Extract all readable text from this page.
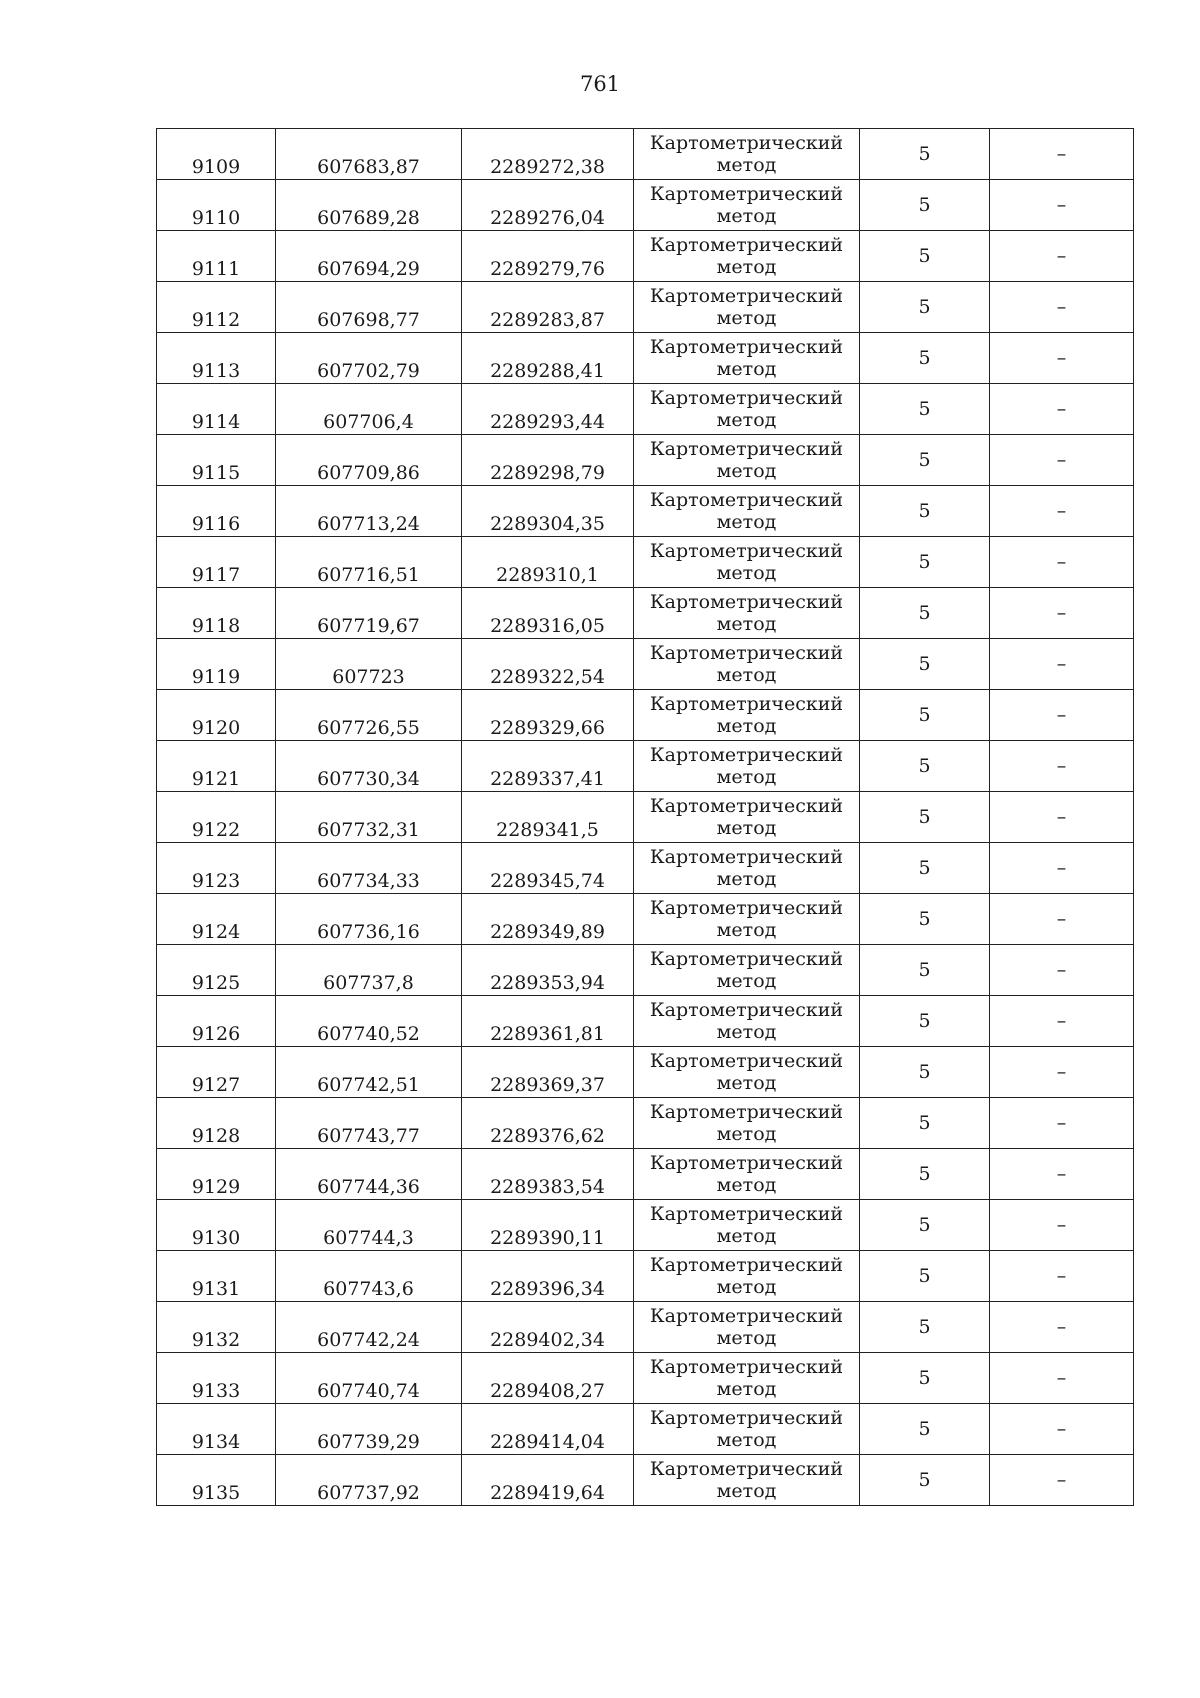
761
9109	607683,87	2289272,38	Картометрический
метод	5	–
9110	607689,28	2289276,04	Картометрический
метод	5	–
9111	607694,29	2289279,76	Картометрический
метод	5	–
9112	607698,77	2289283,87	Картометрический
метод	5	–
9113	607702,79	2289288,41	Картометрический
метод	5	–
9114	607706,4	2289293,44	Картометрический
метод	5	–
9115	607709,86	2289298,79	Картометрический
метод	5	–
9116	607713,24	2289304,35	Картометрический
метод	5	–
9117	607716,51	2289310,1	Картометрический
метод	5	–
9118	607719,67	2289316,05	Картометрический
метод	5	–
9119	607723	2289322,54	Картометрический
метод	5	–
9120	607726,55	2289329,66	Картометрический
метод	5	–
9121	607730,34	2289337,41	Картометрический
метод	5	–
9122	607732,31	2289341,5	Картометрический
метод	5	–
9123	607734,33	2289345,74	Картометрический
метод	5	–
9124	607736,16	2289349,89	Картометрический
метод	5	–
9125	607737,8	2289353,94	Картометрический
метод	5	–
9126	607740,52	2289361,81	Картометрический
метод	5	–
9127	607742,51	2289369,37	Картометрический
метод	5	–
9128	607743,77	2289376,62	Картометрический
метод	5	–
9129	607744,36	2289383,54	Картометрический
метод	5	–
9130	607744,3	2289390,11	Картометрический
метод	5	–
9131	607743,6	2289396,34	Картометрический
метод	5	–
9132	607742,24	2289402,34	Картометрический
метод	5	–
9133	607740,74	2289408,27	Картометрический
метод	5	–
9134	607739,29	2289414,04	Картометрический
метод	5	–
9135	607737,92	2289419,64	Картометрический
метод	5	–
